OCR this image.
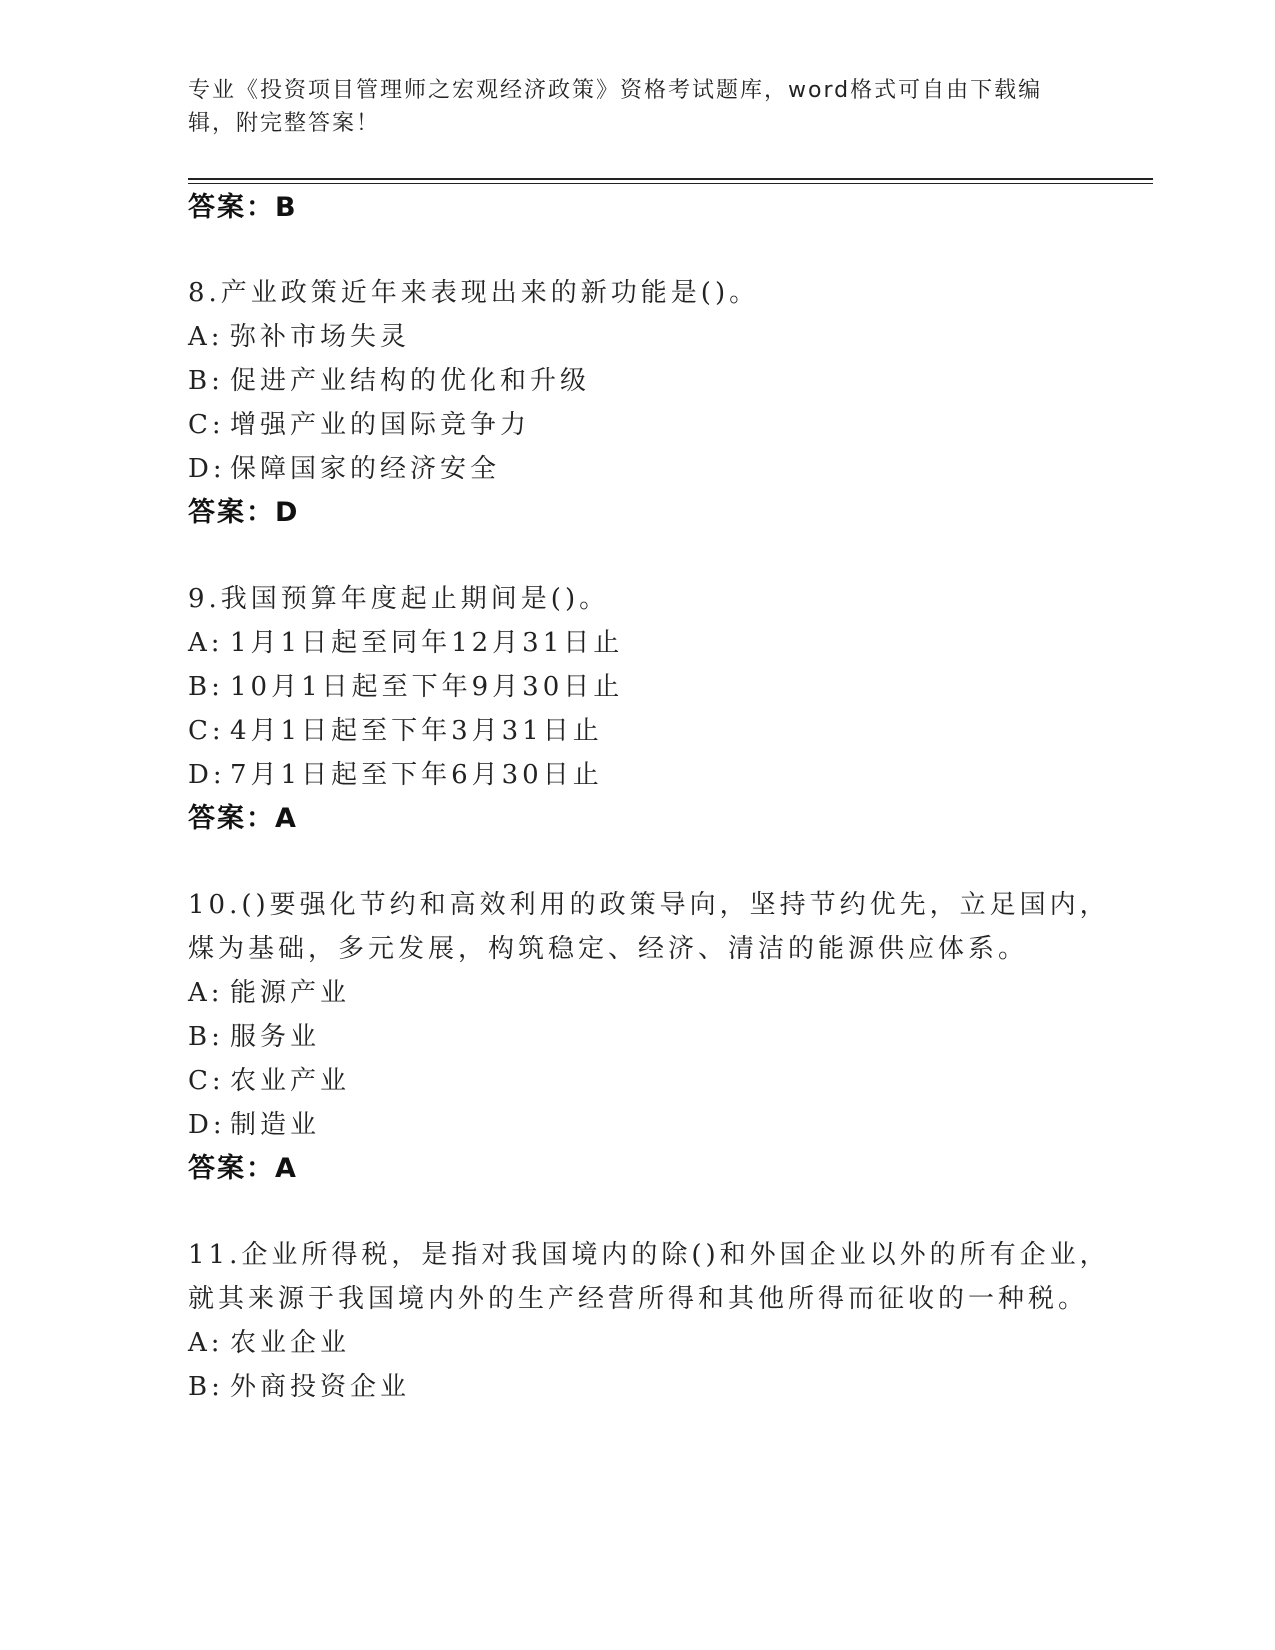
专业《投资项目管理师之宏观经济政策》资格考试题库，word格式可自由下载编辑，附完整答案！
答案：B
8.产业政策近年来表现出来的新功能是()。
A: 弥补市场失灵
B: 促进产业结构的优化和升级
C: 增强产业的国际竞争力
D: 保障国家的经济安全
答案：D
9.我国预算年度起止期间是()。
A: 1月1日起至同年12月31日止
B: 10月1日起至下年9月30日止
C: 4月1日起至下年3月31日止
D: 7月1日起至下年6月30日止
答案：A
10.()要强化节约和高效利用的政策导向，坚持节约优先，立足国内，
煤为基础，多元发展，构筑稳定、经济、清洁的能源供应体系。
A: 能源产业
B: 服务业
C: 农业产业
D: 制造业
答案：A
11.企业所得税，是指对我国境内的除()和外国企业以外的所有企业，
就其来源于我国境内外的生产经营所得和其他所得而征收的一种税。
A: 农业企业
B: 外商投资企业
